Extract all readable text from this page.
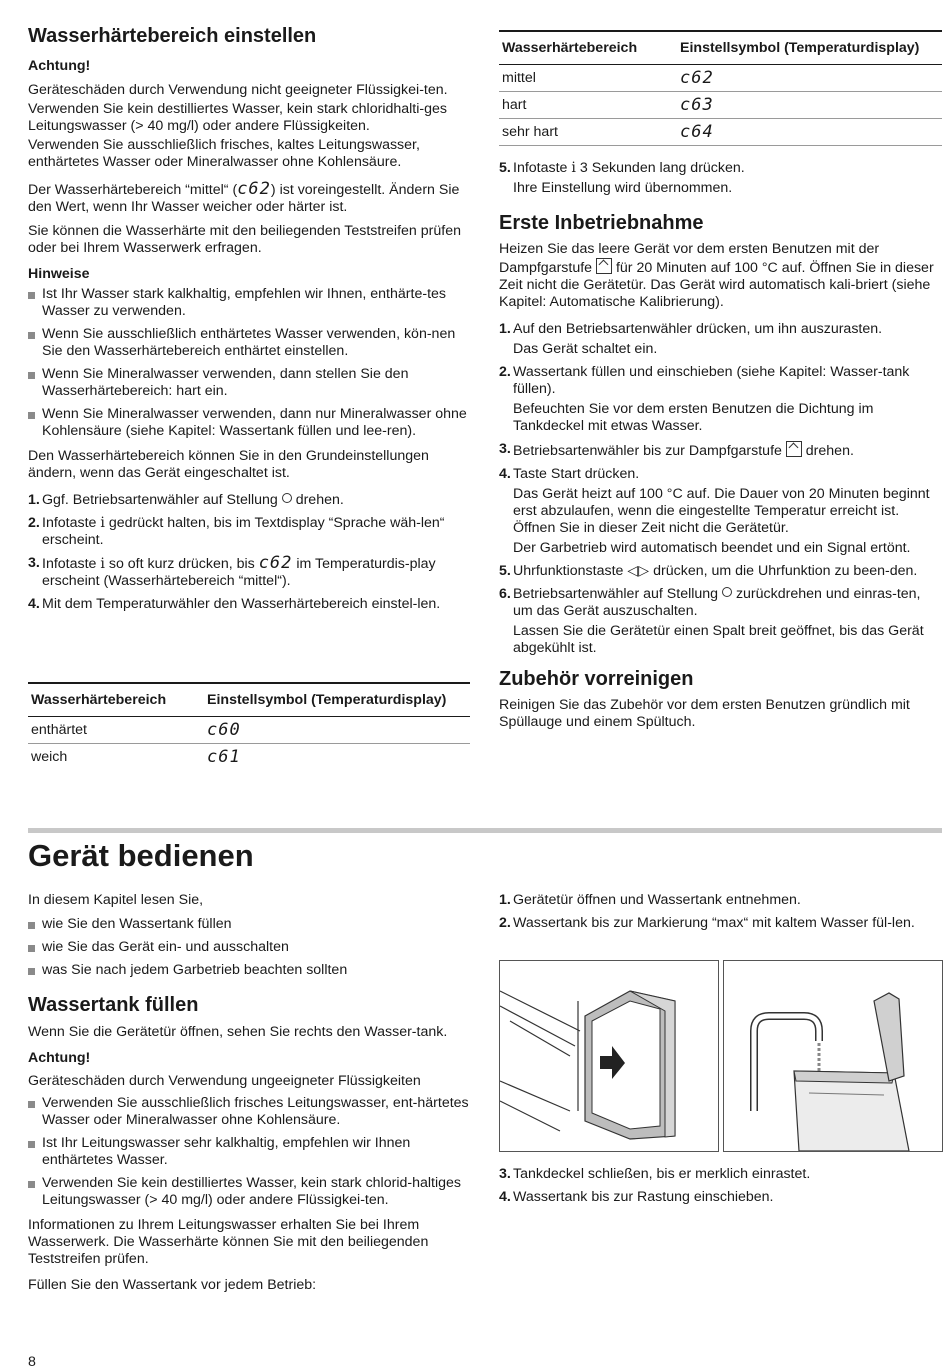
Wasserhärtebereich einstellen

Achtung!

Geräteschäden durch Verwendung nicht geeigneter Flüssigkei-ten.

Verwenden Sie kein destilliertes Wasser, kein stark chloridhalti-ges Leitungswasser (> 40 mg/l) oder andere Flüssigkeiten.

Verwenden Sie ausschließlich frisches, kaltes Leitungswasser, enthärtetes Wasser oder Mineralwasser ohne Kohlensäure.

Der Wasserhärtebereich “mittel“ (c62) ist voreingestellt. Ändern Sie den Wert, wenn Ihr Wasser weicher oder härter ist.

Sie können die Wasserhärte mit den beiliegenden Teststreifen prüfen oder bei Ihrem Wasserwerk erfragen.

Hinweise

Ist Ihr Wasser stark kalkhaltig, empfehlen wir Ihnen, enthärte-tes Wasser zu verwenden.
Wenn Sie ausschließlich enthärtetes Wasser verwenden, kön-nen Sie den Wasserhärtebereich enthärtet einstellen.
Wenn Sie Mineralwasser verwenden, dann stellen Sie den Wasserhärtebereich: hart ein.
Wenn Sie Mineralwasser verwenden, dann nur Mineralwasser ohne Kohlensäure (siehe Kapitel: Wassertank füllen und lee-ren).

Den Wasserhärtebereich können Sie in den Grundeinstellungen ändern, wenn das Gerät eingeschaltet ist.

1. Ggf. Betriebsartenwähler auf Stellung  drehen.
2. Infotaste i gedrückt halten, bis im Textdisplay “Sprache wäh-len“ erscheint.
3. Infotaste i so oft kurz drücken, bis c62 im Temperaturdis-play erscheint (Wasserhärtebereich “mittel“).
4. Mit dem Temperaturwähler den Wasserhärtebereich einstel-len.
Wasserhärtebereich	Einstellsymbol (Temperaturdisplay)
enthärtet	c60
weich	c61
Wasserhärtebereich	Einstellsymbol (Temperaturdisplay)
mittel	c62
hart	c63
sehr hart	c64
5. Infotaste i 3 Sekunden lang drücken.
Ihre Einstellung wird übernommen.
Erste Inbetriebnahme

Heizen Sie das leere Gerät vor dem ersten Benutzen mit der Dampfgarstufe  für 20 Minuten auf 100 °C auf. Öffnen Sie in dieser Zeit nicht die Gerätetür. Das Gerät wird automatisch kali-briert (siehe Kapitel: Automatische Kalibrierung).

1. Auf den Betriebsartenwähler drücken, um ihn auszurasten.
Das Gerät schaltet ein.
2. Wassertank füllen und einschieben (siehe Kapitel: Wasser-tank füllen).
Befeuchten Sie vor dem ersten Benutzen die Dichtung im Tankdeckel mit etwas Wasser.
3. Betriebsartenwähler bis zur Dampfgarstufe  drehen.
4. Taste Start drücken.
Das Gerät heizt auf 100 °C auf. Die Dauer von 20 Minuten beginnt erst abzulaufen, wenn die eingestellte Temperatur erreicht ist. Öffnen Sie in dieser Zeit nicht die Gerätetür.
Der Garbetrieb wird automatisch beendet und ein Signal ertönt.
5. Uhrfunktionstaste ◁▷ drücken, um die Uhrfunktion zu been-den.
6. Betriebsartenwähler auf Stellung  zurückdrehen und einras-ten, um das Gerät auszuschalten.
Lassen Sie die Gerätetür einen Spalt breit geöffnet, bis das Gerät abgekühlt ist.
Zubehör vorreinigen

Reinigen Sie das Zubehör vor dem ersten Benutzen gründlich mit Spüllauge und einem Spültuch.

Gerät bedienen

In diesem Kapitel lesen Sie,

wie Sie den Wassertank füllen
wie Sie das Gerät ein- und ausschalten
was Sie nach jedem Garbetrieb beachten sollten
Wassertank füllen

Wenn Sie die Gerätetür öffnen, sehen Sie rechts den Wasser-tank.

Achtung!

Geräteschäden durch Verwendung ungeeigneter Flüssigkeiten

Verwenden Sie ausschließlich frisches Leitungswasser, ent-härtetes Wasser oder Mineralwasser ohne Kohlensäure.
Ist Ihr Leitungswasser sehr kalkhaltig, empfehlen wir Ihnen enthärtetes Wasser.
Verwenden Sie kein destilliertes Wasser, kein stark chlorid-haltiges Leitungswasser (> 40 mg/l) oder andere Flüssigkei-ten.

Informationen zu Ihrem Leitungswasser erhalten Sie bei Ihrem Wasserwerk. Die Wasserhärte können Sie mit den beiliegenden Teststreifen prüfen.

Füllen Sie den Wassertank vor jedem Betrieb:

1. Gerätetür öffnen und Wassertank entnehmen.
2. Wassertank bis zur Markierung “max“ mit kaltem Wasser fül-len.
3. Tankdeckel schließen, bis er merklich einrastet.
4. Wassertank bis zur Rastung einschieben.
8
